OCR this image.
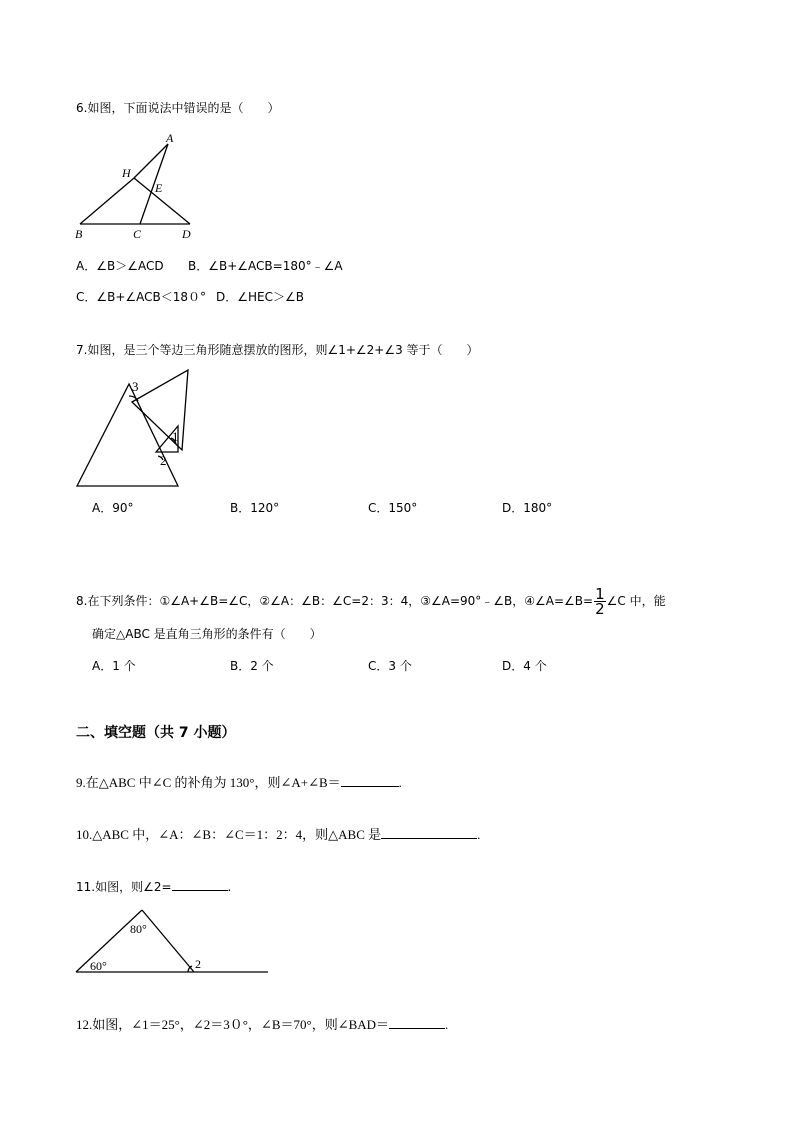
6.如图，下面说法中错误的是（　　）
A
H
E
B	C	D
A．∠B＞∠ACD B．∠B+∠ACB=180°﹣∠A
C．∠B+∠ACB＜18０° D．∠HEC＞∠B
7.如图，是三个等边三角形随意摆放的图形，则∠1+∠2+∠3 等于（　　）
3
1
2
A．90°	B．120°	C．150°	D．180°
8.在下列条件：①∠A+∠B=∠C，②∠A：∠B：∠C=2：3：4，③∠A=90°﹣∠B，④∠A=∠B= $\frac{1}{2}$ ∠C 中，能
确定△ABC 是直角三角形的条件有（　　）
A．1 个	B．2 个	C．3 个	D．4 个
二、填空题（共 7 小题）
9.在△ABC 中∠C 的补角为 130°，则∠A+∠B＝	.
10.△ABC 中，∠A：∠B：∠C＝1：2：4，则△ABC 是	.
11.如图，则∠2=	.
80°
60°	2
12.如图，∠1＝25°，∠2＝3０°，∠B＝70°，则∠BAD＝	.
